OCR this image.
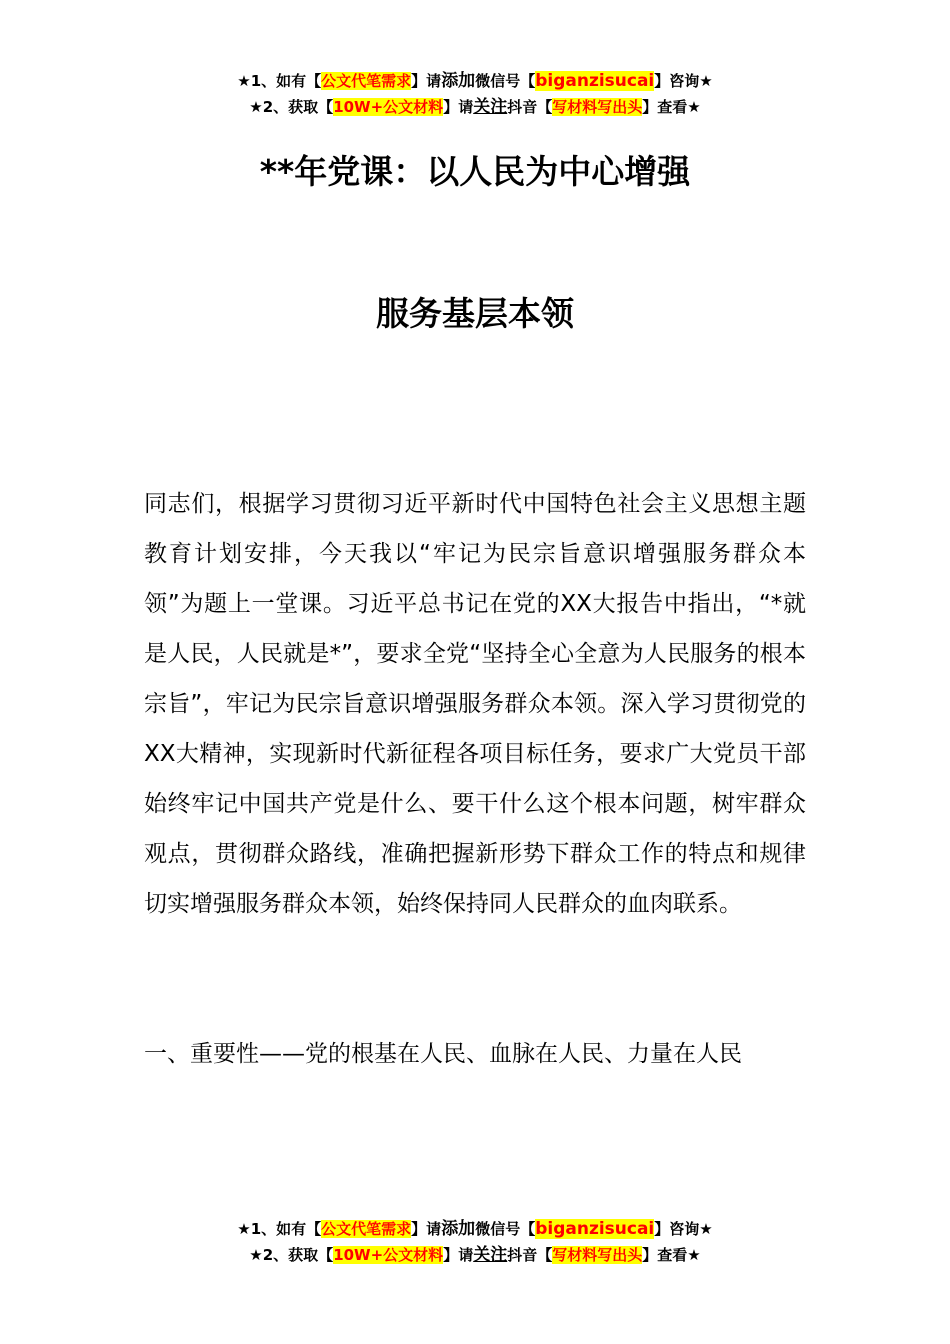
★1、如有【公文代笔需求】请添加微信号【biganzisucai】咨询★
★2、获取【10W+公文材料】请关注抖音【写材料写出头】查看★
**年党课：以人民为中心增强
服务基层本领

同志们，根据学习贯彻习近平新时代中国特色社会主义思想主题教育计划安排，今天我以“牢记为民宗旨意识增强服务群众本领”为题上一堂课。习近平总书记在党的XX大报告中指出，“*就是人民，人民就是*”，要求全党“坚持全心全意为人民服务的根本宗旨”，牢记为民宗旨意识增强服务群众本领。深入学习贯彻党的XX大精神，实现新时代新征程各项目标任务，要求广大党员干部始终牢记中国共产党是什么、要干什么这个根本问题，树牢群众观点，贯彻群众路线，准确把握新形势下群众工作的特点和规律切实增强服务群众本领，始终保持同人民群众的血肉联系。

一、重要性——党的根基在人民、血脉在人民、力量在人民

★1、如有【公文代笔需求】请添加微信号【biganzisucai】咨询★
★2、获取【10W+公文材料】请关注抖音【写材料写出头】查看★
